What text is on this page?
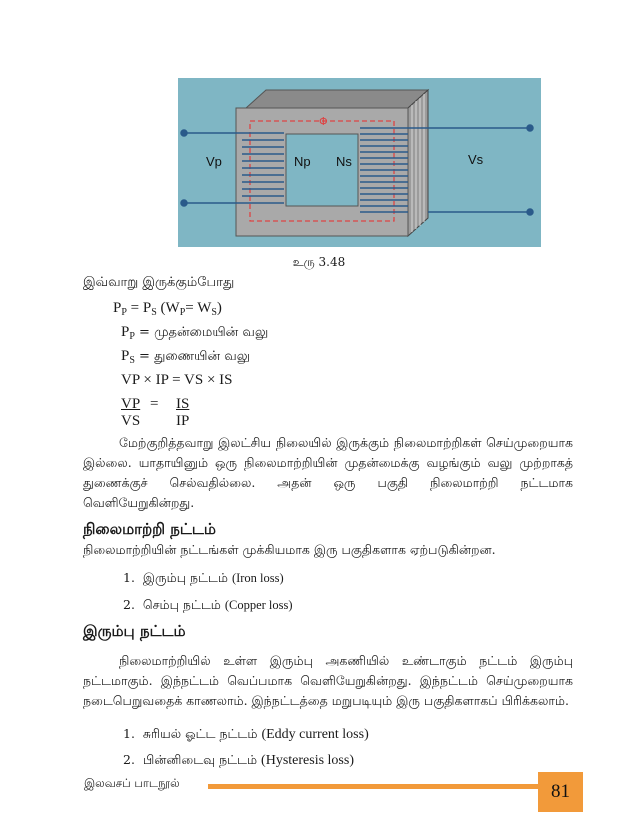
Vp	Np Ns	Vs
Φ
உரு 3.48
இவ்வாறு இருக்கும்போது
$P_P = P_S$ $(W_P= W_S)$
$P_P$ = முதன்மையின் வலு
$P_S$ = துணையின் வலு
VP × IP = VS × IS
VP
VS
= IS
IP
மேற்குறித்தவாறு இலட்சிய நிலையில் இருக்கும் நிலைமாற்றிகள் செய்முறையாக இல்லை. யாதாயினும் ஒரு நிலைமாற்றியின் முதன்மைக்கு வழங்கும் வலு முற்றாகத் துணைக்குச் செல்வதில்லை. அதன் ஒரு பகுதி நிலைமாற்றி நட்டமாக வெளியேறுகின்றது.
நிலைமாற்றி நட்டம்
நிலைமாற்றியின் நட்டங்கள் முக்கியமாக இரு பகுதிகளாக ஏற்படுகின்றன.
1. இரும்பு நட்டம் (Iron loss)
2. செம்பு நட்டம் (Copper loss)
இரும்பு நட்டம்
நிலைமாற்றியில் உள்ள இரும்பு அகணியில் உண்டாகும் நட்டம் இரும்பு நட்டமாகும். இந்நட்டம் வெப்பமாக வெளியேறுகின்றது. இந்நட்டம் செய்முறையாக நடைபெறுவதைக் காணலாம். இந்நட்டத்தை மறுபடியும் இரு பகுதிகளாகப் பிரிக்கலாம்.
1. சுரியல் ஓட்ட நட்டம் (Eddy current loss)
2. பின்னிடைவு நட்டம் (Hysteresis loss)
இலவசப் பாடநூல்	81
